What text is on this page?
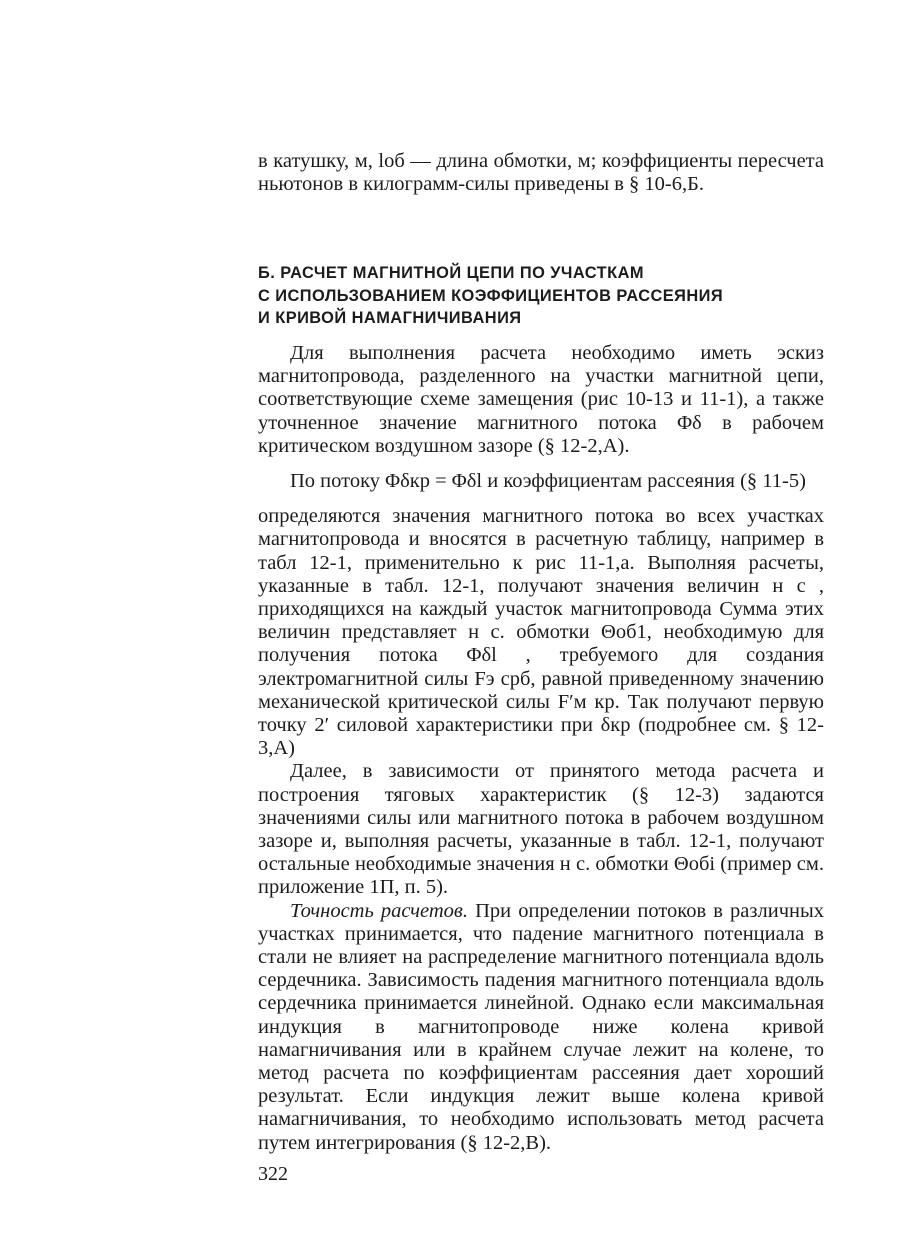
в катушку, м, lоб — длина обмотки, м; коэффициенты пересчета ньютонов в килограмм-силы приведены в § 10-6,Б.

Б. РАСЧЕТ МАГНИТНОЙ ЦЕПИ ПО УЧАСТКАМ
С ИСПОЛЬЗОВАНИЕМ КОЭФФИЦИЕНТОВ РАССЕЯНИЯ
И КРИВОЙ НАМАГНИЧИВАНИЯ

Для выполнения расчета необходимо иметь эскиз магнитопровода, разделенного на участки магнитной цепи, соответствующие схеме замещения (рис 10-13 и 11-1), а также уточненное значение магнитного потока Φδ в рабочем критическом воздушном зазоре (§ 12-2,А).

По потоку Φδкр = Φδl и коэффициентам рассеяния (§ 11-5)

определяются значения магнитного потока во всех участках магнитопровода и вносятся в расчетную таблицу, например в табл 12-1, применительно к рис 11-1,а. Выполняя расчеты, указанные в табл. 12-1, получают значения величин н с , приходящихся на каждый участок магнитопровода Сумма этих величин представляет н с. обмотки Θоб1, необходимую для получения потока Φδl , требуемого для создания электромагнитной силы Fэ срб, равной приведенному значению механической критической силы F′м кр. Так получают первую точку 2′ силовой характеристики при δкр (подробнее см. § 12-3,А)

Далее, в зависимости от принятого метода расчета и построения тяговых характеристик (§ 12-3) задаются значениями силы или магнитного потока в рабочем воздушном зазоре и, выполняя расчеты, указанные в табл. 12-1, получают остальные необходимые значения н с. обмотки Θобi (пример см. приложение 1П, п. 5).

Точность расчетов. При определении потоков в различных участках принимается, что падение магнитного потенциала в стали не влияет на распределение магнитного потенциала вдоль сердечника. Зависимость падения магнитного потенциала вдоль сердечника принимается линейной. Однако если максимальная индукция в магнитопроводе ниже колена кривой намагничивания или в крайнем случае лежит на колене, то метод расчета по коэффициентам рассеяния дает хороший результат. Если индукция лежит выше колена кривой намагничивания, то необходимо использовать метод расчета путем интегрирования (§ 12-2,В).

322
